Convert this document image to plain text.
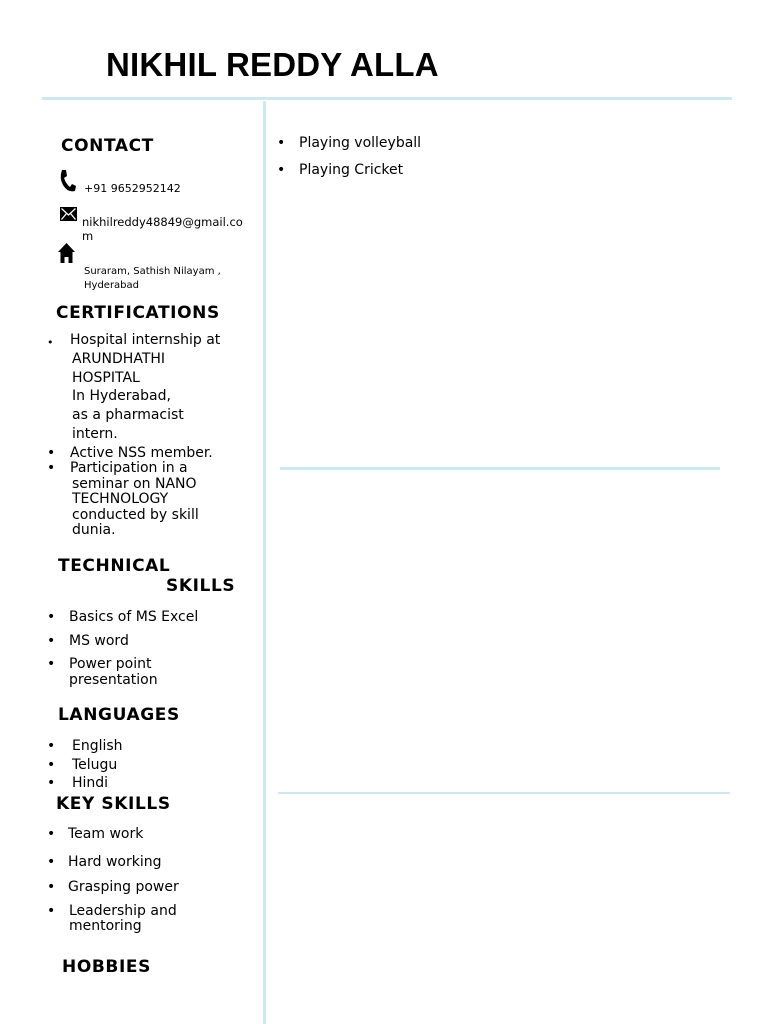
NIKHIL REDDY ALLA
CONTACT
+91 9652952142
nikhilreddy48849@gmail.co
m
Suraram, Sathish Nilayam ,
Hyderabad
CERTIFICATIONS
• Hospital internship at
ARUNDHATHI
HOSPITAL
In Hyderabad,
as a pharmacist
intern.
• Active NSS member.
• Participation in a
seminar on NANO
TECHNOLOGY
conducted by skill
dunia.
TECHNICAL
SKILLS
• Basics of MS Excel
• MS word
• Power point
presentation
LANGUAGES
• English
• Telugu
• Hindi
KEY SKILLS
• Team work
• Hard working
• Grasping power
• Leadership and
mentoring
HOBBIES
• Playing volleyball
• Playing Cricket
